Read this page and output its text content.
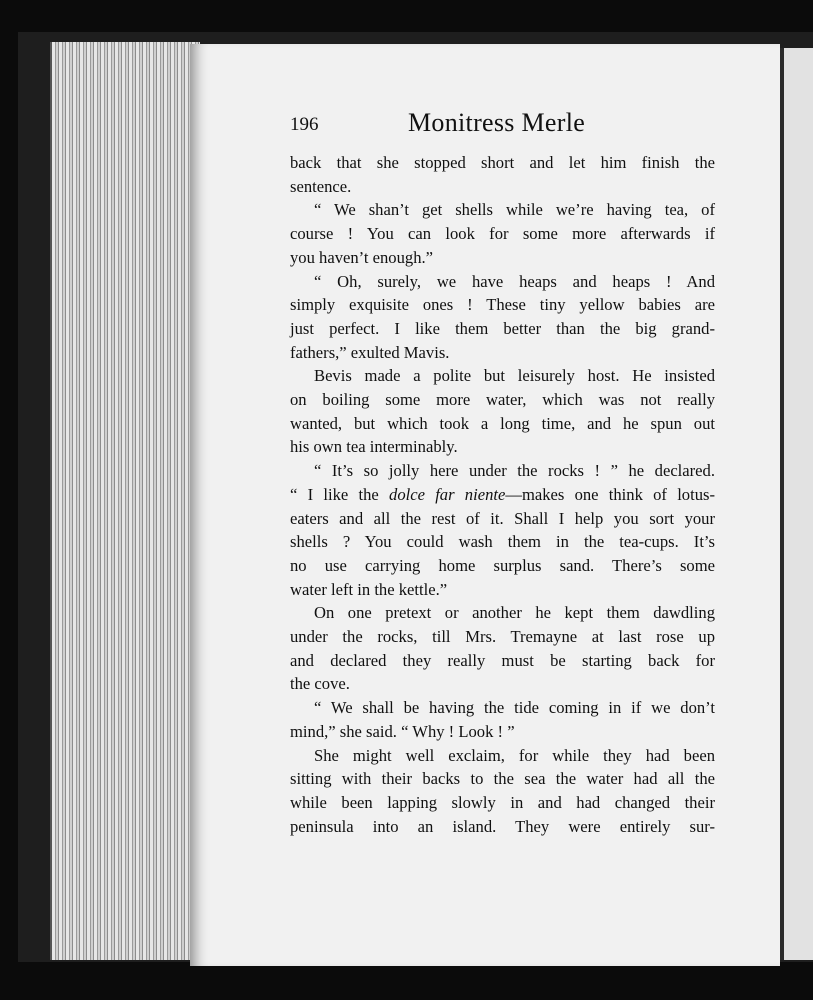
196	Monitress Merle
back that she stopped short and let him finish the
sentence.
“ We shan’t get shells while we’re having tea, of
course ! You can look for some more afterwards if
you haven’t enough.”
“ Oh, surely, we have heaps and heaps ! And
simply exquisite ones ! These tiny yellow babies are
just perfect. I like them better than the big grand-
fathers,” exulted Mavis.
Bevis made a polite but leisurely host. He insisted
on boiling some more water, which was not really
wanted, but which took a long time, and he spun out
his own tea interminably.
“ It’s so jolly here under the rocks ! ” he declared.
“ I like the dolce far niente—makes one think of lotus-
eaters and all the rest of it. Shall I help you sort your
shells ? You could wash them in the tea-cups. It’s
no use carrying home surplus sand. There’s some
water left in the kettle.”
On one pretext or another he kept them dawdling
under the rocks, till Mrs. Tremayne at last rose up
and declared they really must be starting back for
the cove.
“ We shall be having the tide coming in if we don’t
mind,” she said. “ Why ! Look ! ”
She might well exclaim, for while they had been
sitting with their backs to the sea the water had all the
while been lapping slowly in and had changed their
peninsula into an island. They were entirely sur-
